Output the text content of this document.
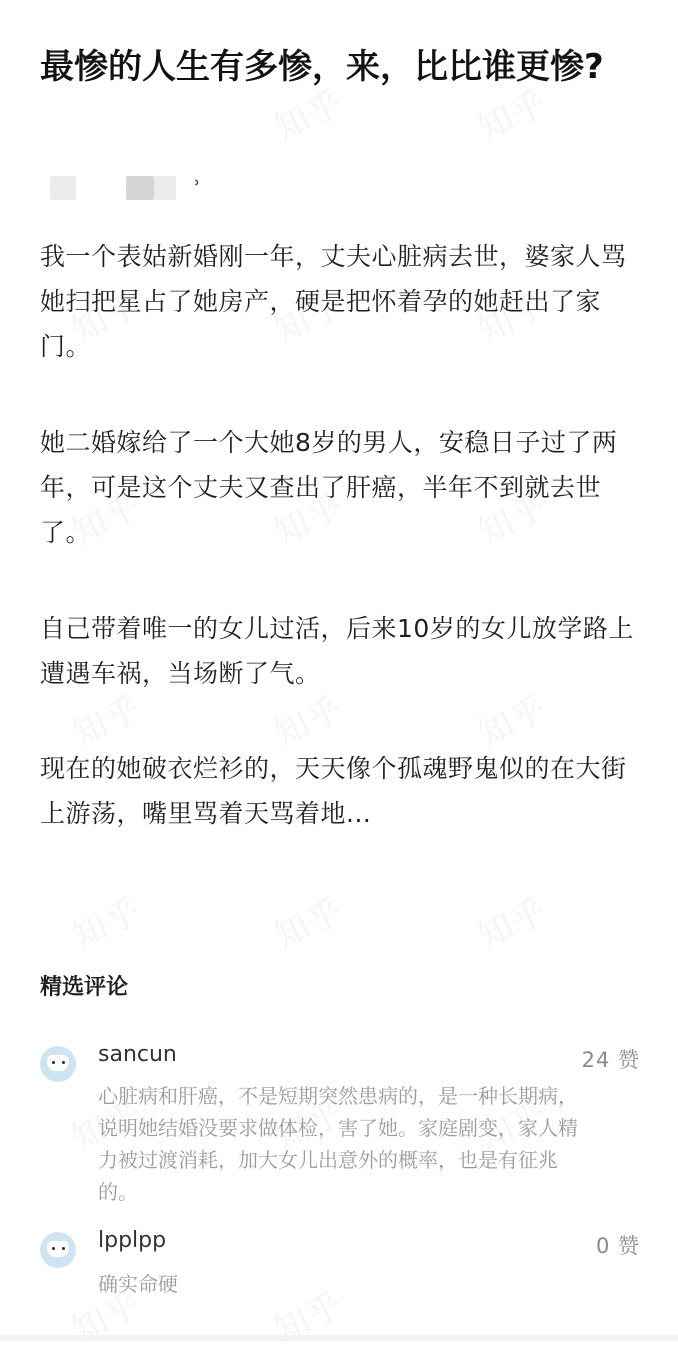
最惨的人生有多惨，来，比比谁更惨?
˒

我一个表姑新婚刚一年，丈夫心脏病去世，婆家人骂她扫把星占了她房产，硬是把怀着孕的她赶出了家门。

她二婚嫁给了一个大她8岁的男人，安稳日子过了两年，可是这个丈夫又查出了肝癌，半年不到就去世了。

自己带着唯一的女儿过活，后来10岁的女儿放学路上遭遇车祸，当场断了气。

现在的她破衣烂衫的，天天像个孤魂野鬼似的在大街上游荡，嘴里骂着天骂着地...

精选评论
sancun	24 赞

心脏病和肝癌，不是短期突然患病的，是一种长期病，说明她结婚没要求做体检，害了她。家庭剧变，家人精力被过渡消耗，加大女儿出意外的概率，也是有征兆的。

lpplpp	0 赞

确实命硬
